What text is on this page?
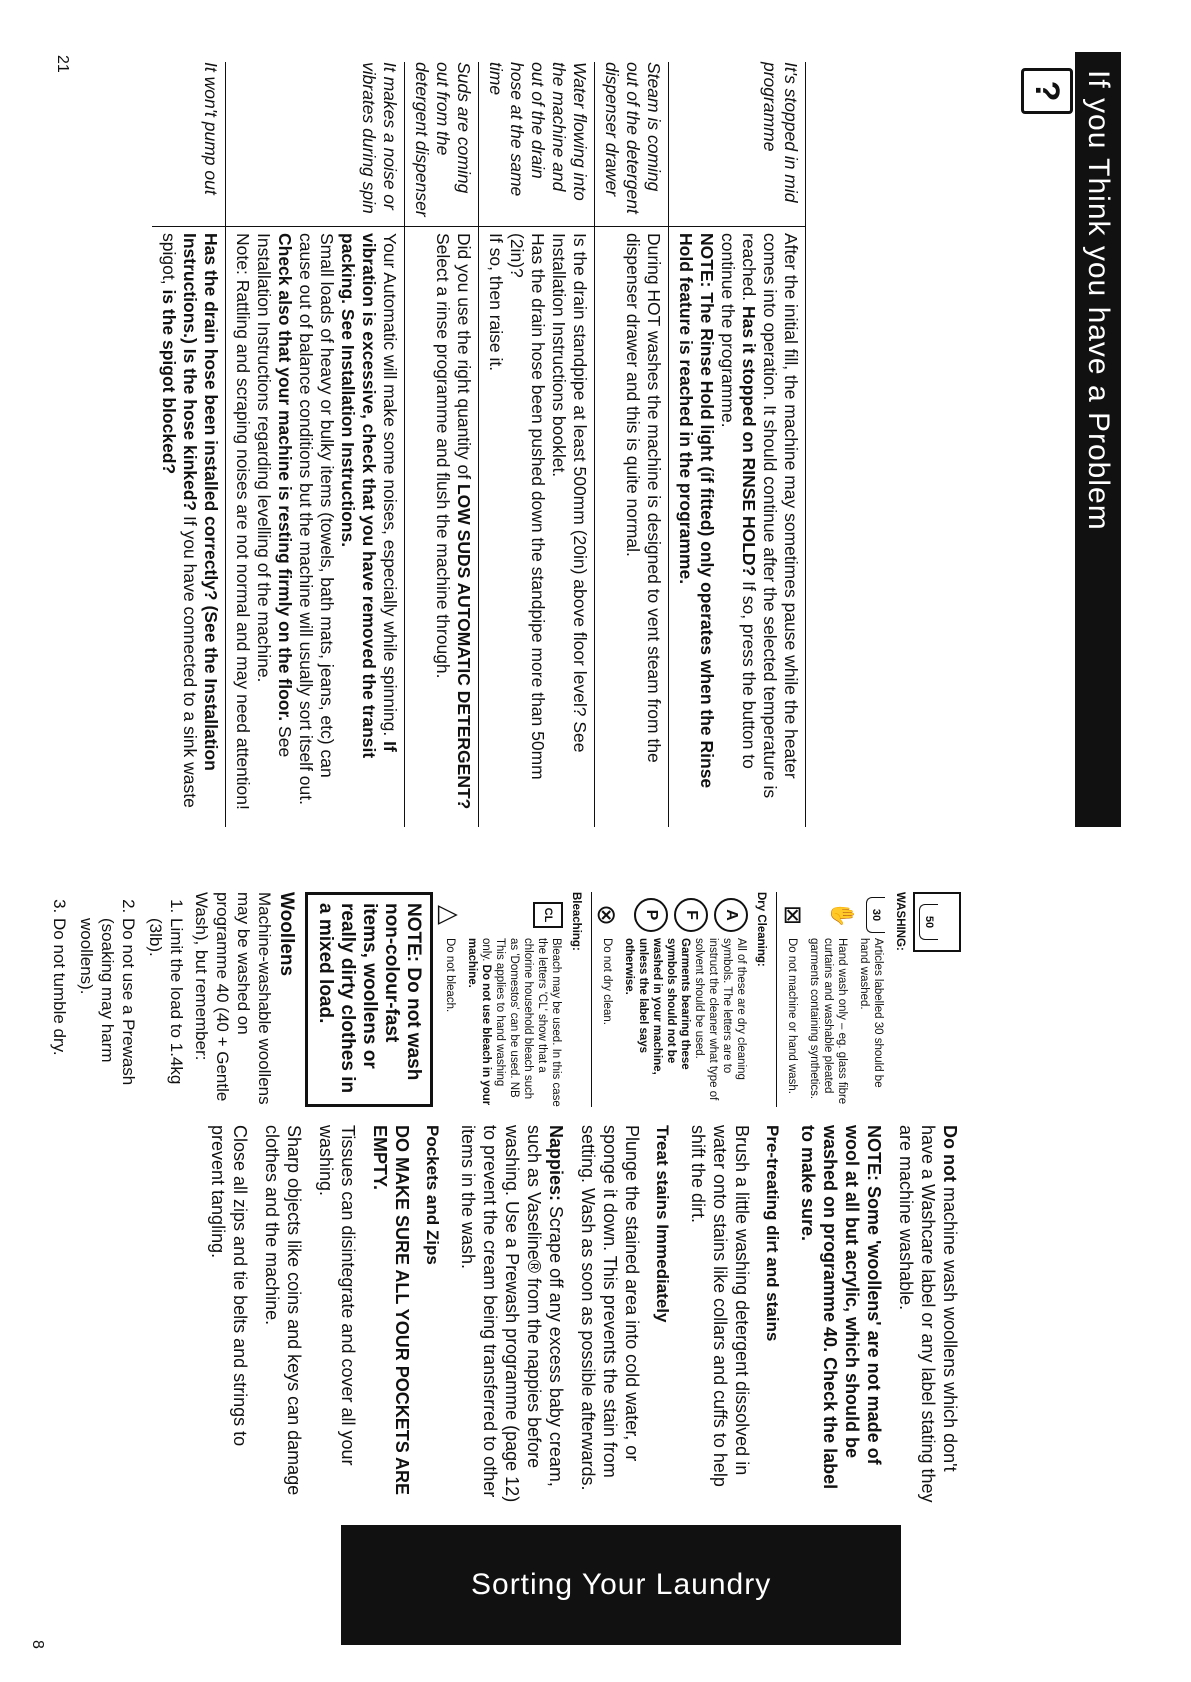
If you Think you have a Problem
?
It's stopped in mid programme	After the initial fill, the machine may sometimes pause while the heater comes into operation. It should continue after the selected temperature is reached. Has it stopped on RINSE HOLD? If so, press the button to continue the programme.
NOTE: The Rinse Hold light (if fitted) only operates when the Rinse Hold feature is reached in the programme.
Steam is coming out of the detergent dispenser drawer	During HOT washes the machine is designed to vent steam from the dispenser drawer and this is quite normal.
Water flowing into the machine and out of the drain hose at the same time	Is the drain standpipe at least 500mm (20in) above floor level? See Installation Instructions booklet.
Has the drain hose been pushed down the standpipe more than 50mm (2in)?
If so, then raise it.
Suds are coming out from the detergent dispenser	Did you use the right quantity of LOW SUDS AUTOMATIC DETERGENT?
Select a rinse programme and flush the machine through.
It makes a noise or vibrates during spin	Your Automatic will make some noises, especially while spinning. If vibration is excessive, check that you have removed the transit packing. See Installation Instructions.
Small loads of heavy or bulky items (towels, bath mats, jeans, etc) can cause out of balance conditions but the machine will usually sort itself out.
Check also that your machine is resting firmly on the floor. See Installation Instructions regarding levelling of the machine.
Note: Rattling and scraping noises are not normal and may need attention!
It won't pump out	Has the drain hose been installed correctly? (See the Installation Instructions.) Is the hose kinked? If you have connected to a sink waste spigot, is the spigot blocked?
21
50
WASHING:
30
Articles labelled 30 should be hand washed.
✋
Hand wash only – eg. glass fibre curtains and washable pleated garments containing synthetics.
⊠
Do not machine or hand wash.
Dry Cleaning:
A
F
P
All of these are dry cleaning symbols. The letters are to instruct the cleaner what type of solvent should be used.
Garments bearing these symbols should not be washed in your machine, unless the label says otherwise.
⊗
Do not dry clean.
Bleaching:
CL
Bleach may be used. In this case the letters 'CL' show that a chlorine household bleach such as 'Domestos' can be used. NB This applies to hand washing only. Do not use bleach in your machine.
△
Do not bleach.
NOTE: Do not wash non-colour-fast items, woollens or really dirty clothes in a mixed load.
Woollens
Machine-washable woollens may be washed on programme 40 (40 + Gentle Wash), but remember:
1. Limit the load to 1.4kg (3lb).
2. Do not use a Prewash (soaking may harm woollens).
3. Do not tumble dry.

Do not machine wash woollens which don't have a Washcare label or any label stating they are machine washable.

NOTE: Some 'woollens' are not made of wool at all but acrylic, which should be washed on programme 40. Check the label to make sure.

Pre-treating dirt and stains

Brush a little washing detergent dissolved in water onto stains like collars and cuffs to help shift the dirt.

Treat stains Immediately

Plunge the stained area into cold water, or sponge it down. This prevents the stain from setting. Wash as soon as possible afterwards.

Nappies: Scrape off any excess baby cream, such as Vaseline® from the nappies before washing. Use a Prewash programme (page 12) to prevent the cream being transferred to other items in the wash.

Pockets and Zips

DO MAKE SURE ALL YOUR POCKETS ARE EMPTY.

Tissues can disintegrate and cover all your washing.

Sharp objects like coins and keys can damage clothes and the machine.

Close all zips and tie belts and strings to prevent tangling.

Sorting Your Laundry
8
